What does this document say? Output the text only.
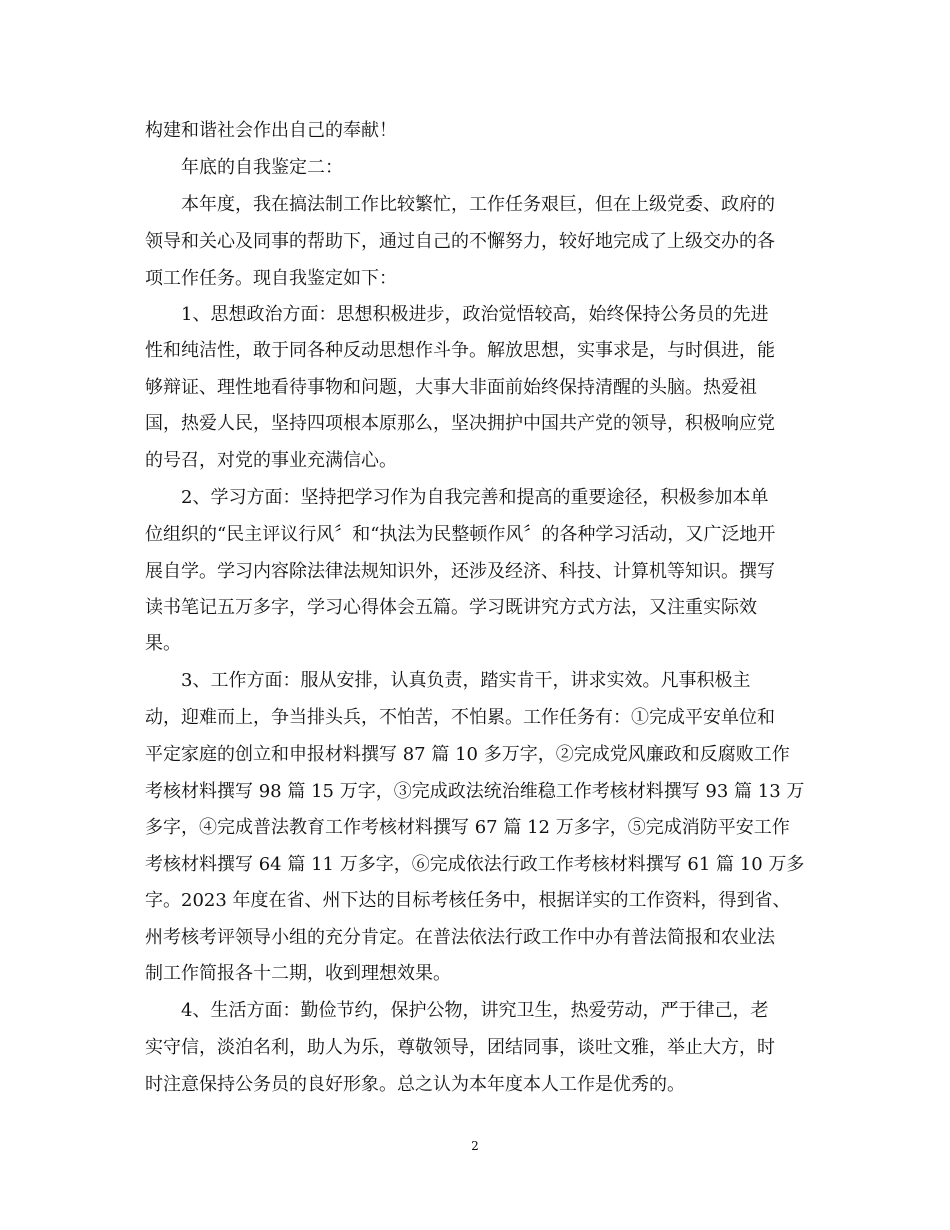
构建和谐社会作出自己的奉献！
年底的自我鉴定二：
本年度，我在搞法制工作比较繁忙，工作任务艰巨，但在上级党委、政府的
领导和关心及同事的帮助下，通过自己的不懈努力，较好地完成了上级交办的各
项工作任务。现自我鉴定如下：
1、思想政治方面：思想积极进步，政治觉悟较高，始终保持公务员的先进
性和纯洁性，敢于同各种反动思想作斗争。解放思想，实事求是，与时俱进，能
够辩证、理性地看待事物和问题，大事大非面前始终保持清醒的头脑。热爱祖
国，热爱人民，坚持四项根本原那么，坚决拥护中国共产党的领导，积极响应党
的号召，对党的事业充满信心。
2、学习方面：坚持把学习作为自我完善和提高的重要途径，积极参加本单
位组织的“民主评议行风〞和“执法为民整顿作风〞的各种学习活动，又广泛地开
展自学。学习内容除法律法规知识外，还涉及经济、科技、计算机等知识。撰写
读书笔记五万多字，学习心得体会五篇。学习既讲究方式方法，又注重实际效
果。
3、工作方面：服从安排，认真负责，踏实肯干，讲求实效。凡事积极主
动，迎难而上，争当排头兵，不怕苦，不怕累。工作任务有：①完成平安单位和
平定家庭的创立和申报材料撰写 87 篇 10 多万字，②完成党风廉政和反腐败工作
考核材料撰写 98 篇 15 万字，③完成政法统治维稳工作考核材料撰写 93 篇 13 万
多字，④完成普法教育工作考核材料撰写 67 篇 12 万多字，⑤完成消防平安工作
考核材料撰写 64 篇 11 万多字，⑥完成依法行政工作考核材料撰写 61 篇 10 万多
字。2023 年度在省、州下达的目标考核任务中，根据详实的工作资料，得到省、
州考核考评领导小组的充分肯定。在普法依法行政工作中办有普法简报和农业法
制工作简报各十二期，收到理想效果。
4、生活方面：勤俭节约，保护公物，讲究卫生，热爱劳动，严于律己，老
实守信，淡泊名利，助人为乐，尊敬领导，团结同事，谈吐文雅，举止大方，时
时注意保持公务员的良好形象。总之认为本年度本人工作是优秀的。
2
